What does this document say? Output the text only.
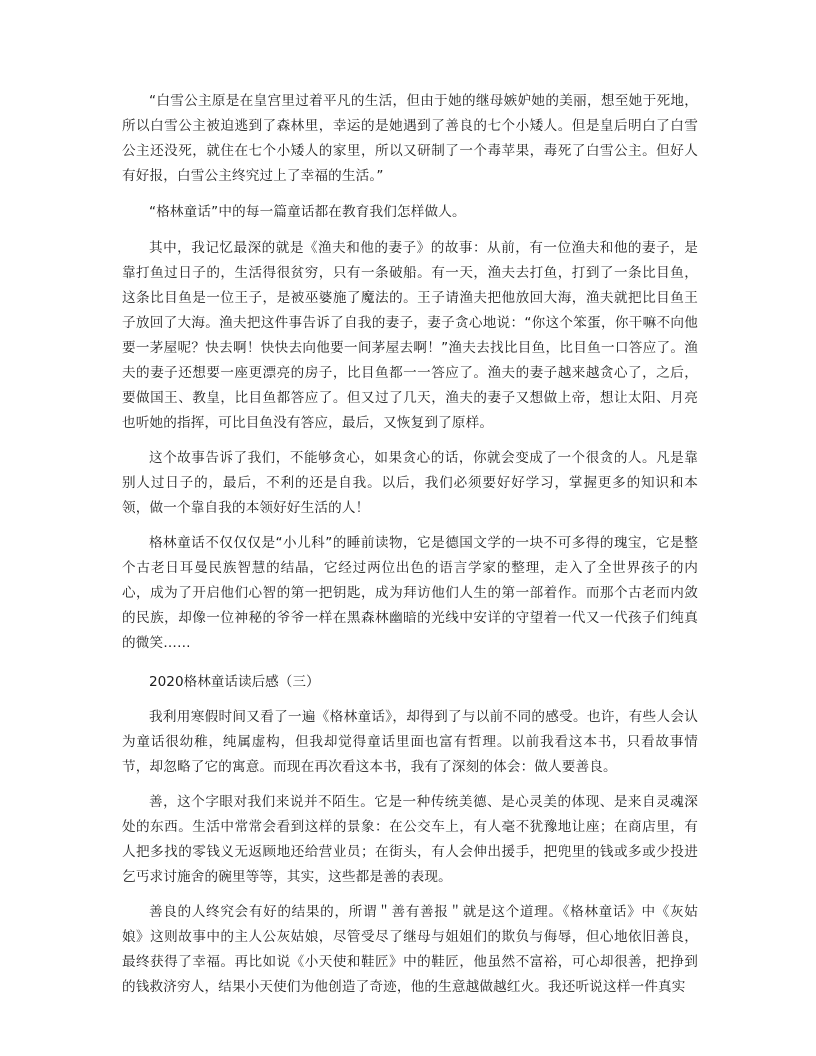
“白雪公主原是在皇宫里过着平凡的生活，但由于她的继母嫉妒她的美丽，想至她于死地，所以白雪公主被迫逃到了森林里，幸运的是她遇到了善良的七个小矮人。但是皇后明白了白雪公主还没死，就住在七个小矮人的家里，所以又研制了一个毒苹果，毒死了白雪公主。但好人有好报，白雪公主终究过上了幸福的生活。”

“格林童话”中的每一篇童话都在教育我们怎样做人。

其中，我记忆最深的就是《渔夫和他的妻子》的故事：从前，有一位渔夫和他的妻子，是靠打鱼过日子的，生活得很贫穷，只有一条破船。有一天，渔夫去打鱼，打到了一条比目鱼，这条比目鱼是一位王子，是被巫婆施了魔法的。王子请渔夫把他放回大海，渔夫就把比目鱼王子放回了大海。渔夫把这件事告诉了自我的妻子，妻子贪心地说：“你这个笨蛋，你干嘛不向他要一茅屋呢？快去啊！快快去向他要一间茅屋去啊！”渔夫去找比目鱼，比目鱼一口答应了。渔夫的妻子还想要一座更漂亮的房子，比目鱼都一一答应了。渔夫的妻子越来越贪心了，之后，要做国王、教皇，比目鱼都答应了。但又过了几天，渔夫的妻子又想做上帝，想让太阳、月亮也听她的指挥，可比目鱼没有答应，最后，又恢复到了原样。

这个故事告诉了我们，不能够贪心，如果贪心的话，你就会变成了一个很贪的人。凡是靠别人过日子的，最后，不利的还是自我。以后，我们必须要好好学习，掌握更多的知识和本领，做一个靠自我的本领好好生活的人！

格林童话不仅仅仅是“小儿科”的睡前读物，它是德国文学的一块不可多得的瑰宝，它是整个古老日耳曼民族智慧的结晶，它经过两位出色的语言学家的整理，走入了全世界孩子的内心，成为了开启他们心智的第一把钥匙，成为拜访他们人生的第一部着作。而那个古老而内敛的民族，却像一位神秘的爷爷一样在黑森林幽暗的光线中安详的守望着一代又一代孩子们纯真的微笑……

2020格林童话读后感（三）

我利用寒假时间又看了一遍《格林童话》，却得到了与以前不同的感受。也许，有些人会认为童话很幼稚，纯属虚构，但我却觉得童话里面也富有哲理。以前我看这本书，只看故事情节，却忽略了它的寓意。而现在再次看这本书，我有了深刻的体会：做人要善良。

善，这个字眼对我们来说并不陌生。它是一种传统美德、是心灵美的体现、是来自灵魂深处的东西。生活中常常会看到这样的景象：在公交车上，有人毫不犹豫地让座；在商店里，有人把多找的零钱义无返顾地还给营业员；在街头，有人会伸出援手，把兜里的钱或多或少投进乞丐求讨施舍的碗里等等，其实，这些都是善的表现。

善良的人终究会有好的结果的，所谓＂善有善报＂就是这个道理。《格林童话》中《灰姑娘》这则故事中的主人公灰姑娘，尽管受尽了继母与姐姐们的欺负与侮辱，但心地依旧善良，最终获得了幸福。再比如说《小天使和鞋匠》中的鞋匠，他虽然不富裕，可心却很善，把挣到的钱救济穷人，结果小天使们为他创造了奇迹，他的生意越做越红火。我还听说这样一件真实
